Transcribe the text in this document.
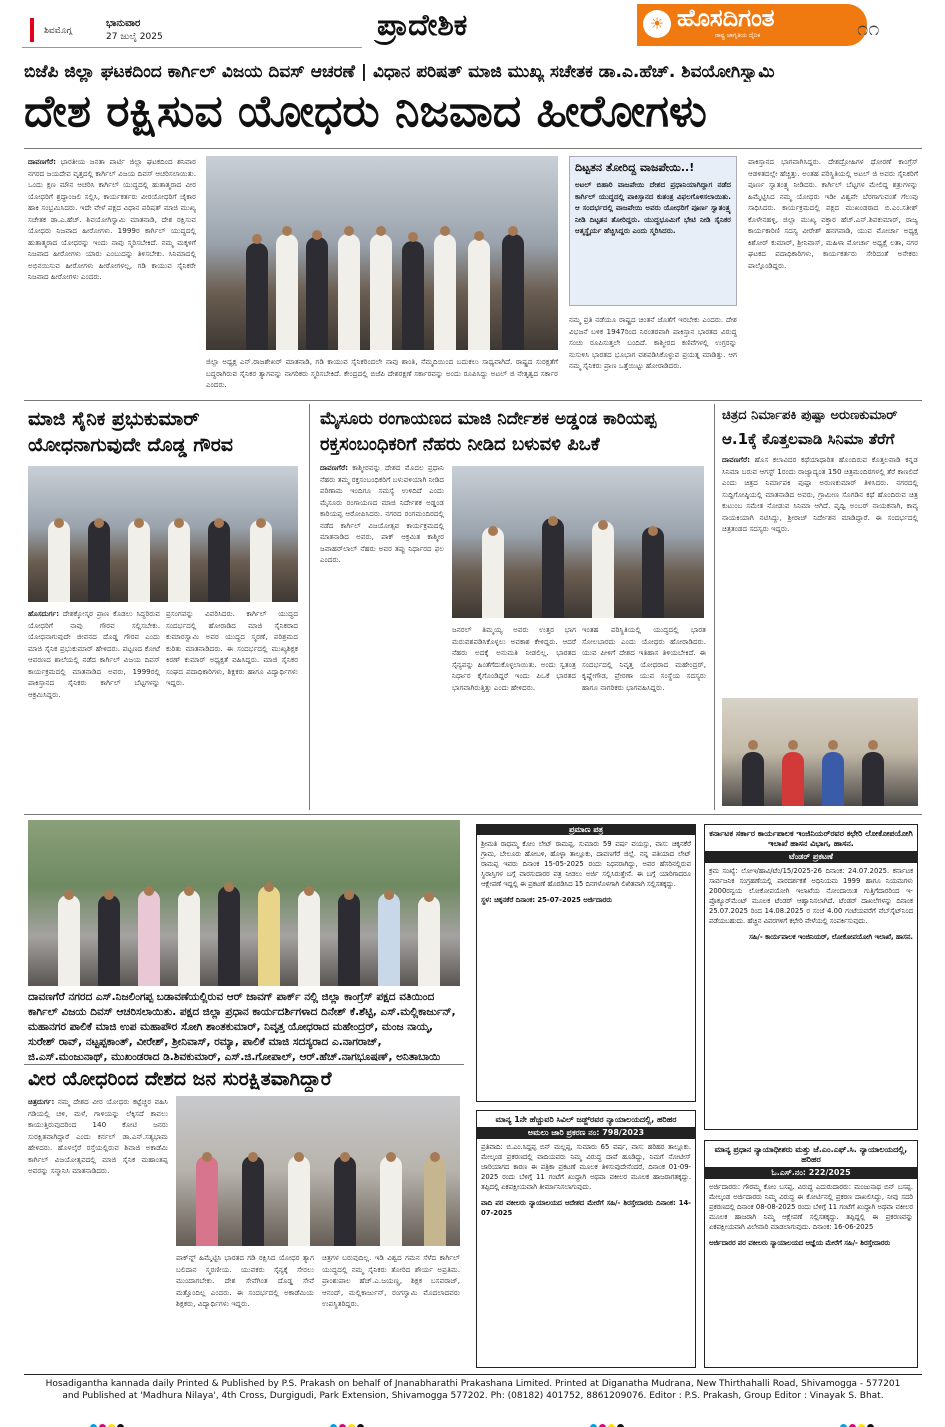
ಶಿವಮೊಗ್ಗ
ಭಾನುವಾರ
27 ಜುಲೈ 2025	ಪ್ರಾದೇಶಿಕ	☀ ಹೊಸದಿಗಂತ
ರಾಷ್ಟ್ರ ಜಾಗೃತಿಯ ದೈನಿಕ	೧೧
ಬಿಜೆಪಿ ಜಿಲ್ಲಾ ಘಟಕದಿಂದ ಕಾರ್ಗಿಲ್ ವಿಜಯ ದಿವಸ್ ಆಚರಣೆ | ವಿಧಾನ ಪರಿಷತ್ ಮಾಜಿ ಮುಖ್ಯ ಸಚೇತಕ ಡಾ.ಎ.ಹೆಚ್. ಶಿವಯೋಗಿಸ್ವಾಮಿ
ದೇಶ ರಕ್ಷಿಸುವ ಯೋಧರು ನಿಜವಾದ ಹೀರೋಗಳು
ದಾವಣಗೆರೆ: ಭಾರತೀಯ ಜನತಾ ಪಾರ್ಟಿ ಜಿಲ್ಲಾ ಘಟಕದಿಂದ ಶನಿವಾರ ನಗರದ ಜಯದೇವ ವೃತ್ತದಲ್ಲಿ ಕಾರ್ಗಿಲ್ ವಿಜಯ ದಿವಸ್ ಆಚರಿಸಲಾಯಿತು. ಒಂದು ಕ್ಷಣ ಮೌನ ಆಚರಿಸಿ ಕಾರ್ಗಿಲ್ ಯುದ್ಧದಲ್ಲಿ ಹುತಾತ್ಮರಾದ ವೀರ ಯೋಧರಿಗೆ ಶ್ರದ್ಧಾಂಜಲಿ ಸಲ್ಲಿಸಿ, ಕಾರ್ಯಕರ್ತರು ವೀರಯೋಧರಿಗೆ ಜೈಕಾರ ಹಾಕಿ ಸಂಭ್ರಮಿಸಿದರು. ಇದೇ ವೇಳೆ ಪಕ್ಷದ ವಿಧಾನ ಪರಿಷತ್ ಮಾಜಿ ಮುಖ್ಯ ಸಚೇತಕ ಡಾ.ಎ.ಹೆಚ್. ಶಿವಯೋಗಿಸ್ವಾಮಿ ಮಾತನಾಡಿ, ದೇಶ ರಕ್ಷಿಸುವ ಯೋಧರು ನಿಜವಾದ ಹೀರೋಗಳು. 1999ರ ಕಾರ್ಗಿಲ್ ಯುದ್ಧದಲ್ಲಿ ಹುತಾತ್ಮರಾದ ಯೋಧರನ್ನು ಇಂದು ನಾವು ಸ್ಮರಿಸಬೇಕಿದೆ. ನಮ್ಮ ಮಕ್ಕಳಿಗೆ ನಿಜವಾದ ಹೀರೋಗಳು ಯಾರು ಎಂಬುದನ್ನು ತಿಳಿಸಬೇಕು. ಸಿನಿಮಾದಲ್ಲಿ ಅಭಿನಯಿಸುವ ಹೀರೋಗಳು ಹೀರೋಗಳಲ್ಲ, ಗಡಿ ಕಾಯುವ ಸೈನಿಕರೇ ನಿಜವಾದ ಹೀರೋಗಳು ಎಂದರು.
ಜಿಲ್ಲಾ ಅಧ್ಯಕ್ಷ ಎನ್.ರಾಜಶೇಖರ್ ಮಾತನಾಡಿ, ಗಡಿ ಕಾಯುವ ಸೈನಿಕರಿಂದಲೇ ನಾವು ಶಾಂತಿ, ನೆಮ್ಮದಿಯಿಂದ ಬದುಕಲು ಸಾಧ್ಯವಾಗಿದೆ. ರಾಷ್ಟ್ರದ ಸುರಕ್ಷತೆಗೆ ಬದ್ಧರಾಗಿರುವ ಸೈನಿಕರ ತ್ಯಾಗವನ್ನು ನಾಗರಿಕರು ಸ್ಮರಿಸಬೇಕಿದೆ. ಕೇಂದ್ರದಲ್ಲಿ ಬಿಜೆಪಿ ದೇಶರಕ್ಷಣೆ ಸರ್ಕಾರವನ್ನು ಅಂದು ರೂಪಿಸಿದ್ದು ಅಟಲ್ ಜಿ ನೇತೃತ್ವದ ಸರ್ಕಾರ ಎಂದರು.
ದಿಟ್ಟತನ ತೋರಿದ್ದ ವಾಜಪೇಯಿ..!
ಅಟಲ್ ಬಿಹಾರಿ ವಾಜಪೇಯಿ ದೇಶದ ಪ್ರಧಾನಿಯಾಗಿದ್ದಾಗ ನಡೆದ ಕಾರ್ಗಿಲ್ ಯುದ್ಧದಲ್ಲಿ ಪಾಕಿಸ್ತಾನದ ಕುತಂತ್ರ ವಿಫಲಗೊಳಿಸಲಾಯಿತು. ಆ ಸಂದರ್ಭದಲ್ಲಿ ವಾಜಪೇಯಿ ಅವರು ಯೋಧರಿಗೆ ಪೂರ್ಣ ಸ್ವಾತಂತ್ರ್ಯ ನೀಡಿ ದಿಟ್ಟತನ ತೋರಿದ್ದರು. ಯುದ್ಧಭೂಮಿಗೆ ಭೇಟಿ ನೀಡಿ ಸೈನಿಕರ ಆತ್ಮಸ್ಥೈರ್ಯ ಹೆಚ್ಚಿಸಿದ್ದರು ಎಂದು ಸ್ಮರಿಸಿದರು.
ನಮ್ಮ ಪ್ರತಿ ನಡೆಯೂ ರಾಷ್ಟ್ರದ ಚಿಂತನೆ ಜೊತೆಗೆ ಇರಬೇಕು ಎಂದರು. ದೇಶ ವಿಭಜನೆ ಬಳಿಕ 1947ರಿಂದ ನಿರಂತರವಾಗಿ ಪಾಕಿಸ್ತಾನ ಭಾರತದ ವಿರುದ್ಧ ಸಂಚು ರೂಪಿಸುತ್ತಲೇ ಬಂದಿದೆ. ಕಾಶ್ಮೀರದ ಕಣಿವೆಗಳಲ್ಲಿ ಉಗ್ರರನ್ನು ನುಸುಳಿಸಿ ಭಾರತದ ಭೂಭಾಗ ವಶಪಡಿಸಿಕೊಳ್ಳುವ ಪ್ರಯತ್ನ ಮಾಡಿತ್ತು. ಆಗ ನಮ್ಮ ಸೈನಿಕರು ಪ್ರಾಣ ಒತ್ತೆಯಿಟ್ಟು ಹೋರಾಡಿದರು.
ಪಾಕಿಸ್ತಾನದ ಭಾಗವಾಗಿಸಿದ್ದರು. ದೇಶದ್ರೋಹಿಗಳ ಧೋರಣೆ ಕಾಂಗ್ರೆಸ್ ಆಡಳಿತದಲ್ಲೇ ಹೆಚ್ಚಿತ್ತು. ಅಂತಹ ಪರಿಸ್ಥಿತಿಯಲ್ಲಿ ಅಟಲ್ ಜಿ ಅವರು ಸೈನಿಕರಿಗೆ ಪೂರ್ಣ ಸ್ವಾತಂತ್ರ್ಯ ನೀಡಿದರು. ಕಾರ್ಗಿಲ್ ಬೆಟ್ಟಗಳ ಮೇಲಿದ್ದ ಶತ್ರುಗಳನ್ನು ಹಿಮ್ಮೆಟ್ಟಿಸಿದ ನಮ್ಮ ಯೋಧರು ಇಡೀ ವಿಶ್ವವೇ ಬೆರಗಾಗುವಂತೆ ಗೆಲುವು ಸಾಧಿಸಿದರು. ಕಾರ್ಯಕ್ರಮದಲ್ಲಿ ಪಕ್ಷದ ಮುಖಂಡರಾದ ಬಿ.ಎಂ.ಸತೀಶ್ ಕೊಳೇನಹಳ್ಳಿ, ಜಿಲ್ಲಾ ಮುಖ್ಯ ವಕ್ತಾರ ಹೆಚ್.ಎನ್.ಶಿವಕುಮಾರ್, ರಾಜ್ಯ ಕಾರ್ಯಕಾರಿಣಿ ಸದಸ್ಯ ವೀರೇಶ್ ಹನಗವಾಡಿ, ಯುವ ಮೋರ್ಚಾ ಅಧ್ಯಕ್ಷ ಕಿಶೋರ್ ಕುಮಾರ್, ಶ್ರೀನಿವಾಸ್, ಮಹಿಳಾ ಮೋರ್ಚಾ ಅಧ್ಯಕ್ಷೆ ಲತಾ, ನಗರ ಘಟಕದ ಪದಾಧಿಕಾರಿಗಳು, ಕಾರ್ಯಕರ್ತರು ಸೇರಿದಂತೆ ಅನೇಕರು ಪಾಲ್ಗೊಂಡಿದ್ದರು.
ಮಾಜಿ ಸೈನಿಕ ಪ್ರಭುಕುಮಾರ್
ಯೋಧನಾಗುವುದೇ ದೊಡ್ಡ ಗೌರವ
ಹೊಸದುರ್ಗ: ದೇಶಕ್ಕೋಸ್ಕರ ಪ್ರಾಣ ಕೊಡಲು ಸಿದ್ಧರಿರುವ ಯೋಧರಿಗೆ ನಾವು ಗೌರವ ಸಲ್ಲಿಸಬೇಕು. ಯೋಧನಾಗುವುದೇ ಜೀವನದ ದೊಡ್ಡ ಗೌರವ ಎಂದು ಮಾಜಿ ಸೈನಿಕ ಪ್ರಭುಕುಮಾರ್ ಹೇಳಿದರು. ಪಟ್ಟಣದ ಕೋಟೆ ಆವರಣದ ಶಾಲೆಯಲ್ಲಿ ನಡೆದ ಕಾರ್ಗಿಲ್ ವಿಜಯ ದಿವಸ್ ಕಾರ್ಯಕ್ರಮದಲ್ಲಿ ಮಾತನಾಡಿದ ಅವರು, 1999ರಲ್ಲಿ ಪಾಕಿಸ್ತಾನದ ಸೈನಿಕರು ಕಾರ್ಗಿಲ್ ಬೆಟ್ಟಗಳನ್ನು ಆಕ್ರಮಿಸಿದ್ದರು.
ಪ್ರಸಂಗವನ್ನು ವಿವರಿಸಿದರು. ಕಾರ್ಗಿಲ್ ಯುದ್ಧದ ಸಂದರ್ಭದಲ್ಲಿ ಹೋರಾಡಿದ ಮಾಜಿ ಸೈನಿಕರಾದ ಕುಮಾರಸ್ವಾಮಿ ಅವರ ಯುದ್ಧದ ಸ್ಮರಣೆ, ಪರಿಶ್ರಮದ ಕುರಿತು ಮಾತನಾಡಿದರು. ಈ ಸಂದರ್ಭದಲ್ಲಿ ಮುಖ್ಯಶಿಕ್ಷಕ ಕಿರಣ್ ಕುಮಾರ್ ಅಧ್ಯಕ್ಷತೆ ವಹಿಸಿದ್ದರು. ಮಾಜಿ ಸೈನಿಕರ ಸಂಘದ ಪದಾಧಿಕಾರಿಗಳು, ಶಿಕ್ಷಕರು ಹಾಗೂ ವಿದ್ಯಾರ್ಥಿಗಳು ಇದ್ದರು.
ಮೈಸೂರು ರಂಗಾಯಣದ ಮಾಜಿ ನಿರ್ದೇಶಕ ಅಡ್ಡಂಡ ಕಾರಿಯಪ್ಪ
ರಕ್ತಸಂಬಂಧಿಕರಿಗೆ ನೆಹರು ನೀಡಿದ ಬಳುವಳಿ ಪಿಒಕೆ
ದಾವಣಗೆರೆ: ಕಾಶ್ಮೀರವನ್ನು ದೇಶದ ಮೊದಲ ಪ್ರಧಾನಿ ನೆಹರು ತಮ್ಮ ರಕ್ತಸಂಬಂಧಿಕರಿಗೆ ಬಳುವಳಿಯಾಗಿ ನೀಡಿದ ಪರಿಣಾಮ ಇಂದಿಗೂ ಸಮಸ್ಯೆ ಉಳಿದಿದೆ ಎಂದು ಮೈಸೂರು ರಂಗಾಯಣದ ಮಾಜಿ ನಿರ್ದೇಶಕ ಅಡ್ಡಂಡ ಕಾರಿಯಪ್ಪ ಆರೋಪಿಸಿದರು. ನಗರದ ರಂಗಮಂದಿರದಲ್ಲಿ ನಡೆದ ಕಾರ್ಗಿಲ್ ವಿಜಯೋತ್ಸವ ಕಾರ್ಯಕ್ರಮದಲ್ಲಿ ಮಾತನಾಡಿದ ಅವರು, ಪಾಕ್ ಆಕ್ರಮಿತ ಕಾಶ್ಮೀರ ಜವಾಹರ್‌ಲಾಲ್ ನೆಹರು ಅವರ ತಪ್ಪು ನಿರ್ಧಾರದ ಫಲ ಎಂದರು.
ಜನರಲ್ ತಿಮ್ಮಯ್ಯ ಅವರು ಉತ್ತರ ಭಾಗ ಮರುವಶಪಡಿಸಿಕೊಳ್ಳಲು ಅವಕಾಶ ಕೇಳಿದ್ದರು. ಆದರೆ ನೆಹರು ಅದಕ್ಕೆ ಅನುಮತಿ ನೀಡಲಿಲ್ಲ. ಭಾರತದ ಸೈನ್ಯವನ್ನು ಹಿಂತೆಗೆದುಕೊಳ್ಳಲಾಯಿತು. ಅಂದು ಸ್ವತಂತ್ರ ನಿರ್ಧಾರ ಕೈಗೊಂಡಿದ್ದರೆ ಇಂದು ಪಿಒಕೆ ಭಾರತದ ಭಾಗವಾಗಿರುತ್ತಿತ್ತು ಎಂದು ಹೇಳಿದರು.
ಇಂತಹ ಪರಿಸ್ಥಿತಿಯಲ್ಲಿ ಯುದ್ಧದಲ್ಲಿ ಭಾರತ ಸೋಲಬಾರದು ಎಂದು ಯೋಧರು ಹೋರಾಡಿದರು. ಯುವ ಪೀಳಿಗೆ ದೇಶದ ಇತಿಹಾಸ ತಿಳಿಯಬೇಕಿದೆ. ಈ ಸಂದರ್ಭದಲ್ಲಿ ನಿವೃತ್ತ ಯೋಧರಾದ ಮಹೇಂದ್ರರ್, ಕೃಷ್ಣೇಗೌಡ, ಪ್ರೇರಣಾ ಯುವ ಸಂಸ್ಥೆಯ ಸದಸ್ಯರು ಹಾಗೂ ನಾಗರಿಕರು ಭಾಗವಹಿಸಿದ್ದರು.
ಚಿತ್ರದ ನಿರ್ಮಾಪಕಿ ಪುಷ್ಪಾ ಅರುಣಕುಮಾರ್
ಆ.1ಕ್ಕೆ ಕೊತ್ತಲವಾಡಿ ಸಿನಿಮಾ ತೆರೆಗೆ
ದಾವಣಗೆರೆ: ಹೊಸ ಕಲಾವಿದರ ಕಥೆಯಾಧಾರಿತ ಹೊಂದಿರುವ ಕೊತ್ತಲವಾಡಿ ಕನ್ನಡ ಸಿನಿಮಾ ಬರುವ ಆಗಸ್ಟ್ 1ರಂದು ರಾಜ್ಯಾದ್ಯಂತ 150 ಚಿತ್ರಮಂದಿರಗಳಲ್ಲಿ ತೆರೆ ಕಾಣಲಿದೆ ಎಂದು ಚಿತ್ರದ ನಿರ್ಮಾಪಕಿ ಪುಷ್ಪಾ ಅರುಣಕುಮಾರ್ ತಿಳಿಸಿದರು. ನಗರದಲ್ಲಿ ಸುದ್ದಿಗೋಷ್ಠಿಯಲ್ಲಿ ಮಾತನಾಡಿದ ಅವರು, ಗ್ರಾಮೀಣ ಸೊಗಡಿನ ಕಥೆ ಹೊಂದಿರುವ ಚಿತ್ರ ಕುಟುಂಬ ಸಮೇತ ನೋಡುವ ಸಿನಿಮಾ ಆಗಿದೆ. ಪೃಥ್ವಿ ಅಂಬರ್ ನಾಯಕನಾಗಿ, ಕಾವ್ಯ ನಾಯಕಿಯಾಗಿ ನಟಿಸಿದ್ದು, ಶ್ರೀರಾಜ್ ನಿರ್ದೇಶನ ಮಾಡಿದ್ದಾರೆ. ಈ ಸಂದರ್ಭದಲ್ಲಿ ಚಿತ್ರತಂಡದ ಸದಸ್ಯರು ಇದ್ದರು.
ದಾವಣಗೆರೆ ನಗರದ ಎಸ್.ನಿಜಲಿಂಗಪ್ಪ ಬಡಾವಣೆಯಲ್ಲಿರುವ ಆರ್ ಜಾವಗ್ ಪಾರ್ಕ್ ನಲ್ಲಿ ಜಿಲ್ಲಾ ಕಾಂಗ್ರೆಸ್ ಪಕ್ಷದ ವತಿಯಿಂದ ಕಾರ್ಗಿಲ್ ವಿಜಯ ದಿವಸ್ ಆಚರಿಸಲಾಯಿತು. ಪಕ್ಷದ ಜಿಲ್ಲಾ ಪ್ರಧಾನ ಕಾರ್ಯದರ್ಶಿಗಳಾದ ದಿನೇಶ್ ಕೆ.ಶೆಟ್ಟಿ, ಎಸ್.ಮಲ್ಲಿಕಾರ್ಜುನ್, ಮಹಾನಗರ ಪಾಲಿಕೆ ಮಾಜಿ ಉಪ ಮಹಾಪೌರ ಸೋಗಿ ಶಾಂತಕುಮಾರ್, ನಿವೃತ್ತ ಯೋಧರಾದ ಮಹೇಂದ್ರರ್, ಮಂಜ ನಾಯ್ಕ, ಸುರೇಶ್ ರಾವ್, ನಟ್ಟಪ್ಪಕಾಂತ್, ವೀರೇಶ್, ಶ್ರೀನಿವಾಸ್, ರಮ್ಯಾ, ಪಾಲಿಕೆ ಮಾಜಿ ಸದಸ್ಯರಾದ ಎ.ನಾಗರಾಜ್, ಜಿ.ಎಸ್.ಮಂಜುನಾಥ್, ಮುಖಂಡರಾದ ಡಿ.ಶಿವಕುಮಾರ್, ಎಸ್.ಜಿ.ಗೋಪಾಲ್, ಆರ್.ಹೆಚ್.ನಾಗಭೂಷಣ್, ಅನಿತಾಬಾಯಿ
ವೀರ ಯೋಧರಿಂದ ದೇಶದ ಜನ ಸುರಕ್ಷಿತವಾಗಿದ್ದಾರೆ
ಚಿತ್ರದುರ್ಗ: ನಮ್ಮ ದೇಶದ ವೀರ ಯೋಧರು ಕಟ್ಟೆಚ್ಚರ ವಹಿಸಿ ಗಡಿಯಲ್ಲಿ ಚಳಿ, ಮಳೆ, ಗಾಳಿಯನ್ನು ಲೆಕ್ಕಿಸದೆ ಕಾವಲು ಕಾಯುತ್ತಿರುವುದರಿಂದ 140 ಕೋಟಿ ಜನರು ಸುರಕ್ಷಿತವಾಗಿದ್ದಾರೆ ಎಂದು ಕರ್ನಲ್ ಡಾ.ಎನ್.ಸತ್ಯಭಾಮ ಹೇಳಿದರು. ಹೊಳಲ್ಕೆರೆ ರಸ್ತೆಯಲ್ಲಿರುವ ಶಿವಾಜಿ ಅಕಾಡೆಮಿ ಕಾರ್ಗಿಲ್ ವಿಜಯೋತ್ಸವದಲ್ಲಿ ಮಾಜಿ ಸೈನಿಕ ಮಹಾಂತಪ್ಪ ಅವರನ್ನು ಸನ್ಮಾನಿಸಿ ಮಾತನಾಡಿದರು.
ಪಾಕ್‌ನ್ನ್ ಹಿಮ್ಮೆಟ್ಟಿಸಿ ಭಾರತದ ಗಡಿ ರಕ್ಷಿಸಿದ ಯೋಧರ ತ್ಯಾಗ ಬಲಿದಾನ ಸ್ಮರಣೀಯ. ಯುವಕರು ಸೈನ್ಯಕ್ಕೆ ಸೇರಲು ಮುಂದಾಗಬೇಕು. ದೇಶ ಸೇವೆಗಿಂತ ದೊಡ್ಡ ಸೇವೆ ಮತ್ತೊಂದಿಲ್ಲ ಎಂದರು. ಈ ಸಂದರ್ಭದಲ್ಲಿ ಅಕಾಡೆಮಿಯ ಶಿಕ್ಷಕರು, ವಿದ್ಯಾರ್ಥಿಗಳು ಇದ್ದರು.
ಚಿತ್ರಗಳ ಬರುವುದಿಲ್ಲ. ಇಡಿ ವಿಶ್ವದ ಗಮನ ಸೆಳೆದ ಕಾರ್ಗಿಲ್ ಯುದ್ಧದಲ್ಲಿ ನಮ್ಮ ಸೈನಿಕರು ತೋರಿದ ಶೌರ್ಯ ಅಪ್ರತಿಮ. ಪ್ರಾಂಶುಪಾಲ ಹೆಚ್.ಎ.ಜಯಣ್ಣ, ಶಿಕ್ಷಕ ಬಸವರಾಜ್, ಆನಂದ್, ಮಲ್ಲಿಕಾರ್ಜುನ್, ರಂಗಸ್ವಾಮಿ ಮೊದಲಾದವರು ಉಪಸ್ಥಿತರಿದ್ದರು.
ಪ್ರಮಾಣ ಪತ್ರ
ಶ್ರೀಮತಿ ರಾಧಮ್ಮ ಕೋಂ ಲೇಟ್ ರಾಮಪ್ಪ, ಸುಮಾರು 59 ವರ್ಷ ವಯಸ್ಸು, ವಾಸ: ಚಿಕ್ಕನಕೆರೆ ಗ್ರಾಮ, ಬೇಲೂರು ಹೋಬಳಿ, ಹೊಳ್ಳಾ ತಾಲ್ಲೂಕು, ದಾವಣಗೆರೆ ಜಿಲ್ಲೆ. ನನ್ನ ಪತಿಯಾದ ಲೇಟ್ ರಾಮಪ್ಪ ಇವರು ದಿನಾಂಕ 15-05-2025 ರಂದು ನಿಧನರಾಗಿದ್ದು, ಅವರ ಹೆಸರಿನಲ್ಲಿರುವ ಸ್ಥಿರಾಸ್ತಿಗಳ ಬಗ್ಗೆ ವಾರಸುದಾರರ ಪತ್ರ ನೀಡಲು ಅರ್ಜಿ ಸಲ್ಲಿಸಿರುತ್ತೇನೆ. ಈ ಬಗ್ಗೆ ಯಾರಿಗಾದರೂ ಆಕ್ಷೇಪಣೆ ಇದ್ದಲ್ಲಿ ಈ ಪ್ರಕಟಣೆ ಹೊರಡಿಸಿದ 15 ದಿನಗಳೊಳಗಾಗಿ ಲಿಖಿತವಾಗಿ ಸಲ್ಲಿಸತಕ್ಕದ್ದು.
ಸ್ಥಳ: ಚಿಕ್ಕನಕೆರೆ ದಿನಾಂಕ: 25-07-2025 ಅರ್ಜಿದಾರರು
ಕರ್ನಾಟಕ ಸರ್ಕಾರ ಕಾರ್ಯಪಾಲಕ ಇಂಜಿನಿಯರ್‌ರವರ ಕಛೇರಿ ಲೋಕೋಪಯೋಗಿ ಇಲಾಖೆ ಹಾಸನ ವಿಭಾಗ, ಹಾಸನ.
ಟೆಂಡರ್ ಪ್ರಕಟಣೆ
ಕ್ರಮ ಸಂಖ್ಯೆ: ಲೋಇ/ಹಾವಿ/ಟೆಂ/15/2025-26 ದಿನಾಂಕ: 24.07.2025. ಕರ್ನಾಟಕ ಸಾರ್ವಜನಿಕ ಸಂಗ್ರಹಣೆಯಲ್ಲಿ ಪಾರದರ್ಶಕತೆ ಅಧಿನಿಯಮ 1999 ಹಾಗೂ ನಿಯಮಗಳು 2000ರನ್ವಯ ಲೋಕೋಪಯೋಗಿ ಇಲಾಖೆಯ ನೋಂದಾಯಿತ ಗುತ್ತಿಗೆದಾರರಿಂದ ಇ-ಪ್ರೊಕ್ಯೂರ್‌ಮೆಂಟ್ ಮೂಲಕ ಟೆಂಡರ್ ಆಹ್ವಾನಿಸಲಾಗಿದೆ. ಟೆಂಡರ್ ದಾಖಲೆಗಳನ್ನು ದಿನಾಂಕ 25.07.2025 ರಿಂದ 14.08.2025 ರ ಸಂಜೆ 4.00 ಗಂಟೆಯವರೆಗೆ ವೆಬ್‌ಸೈಟ್‌ನಿಂದ ಪಡೆಯಬಹುದು. ಹೆಚ್ಚಿನ ವಿವರಗಳಿಗೆ ಕಛೇರಿ ವೇಳೆಯಲ್ಲಿ ಸಂಪರ್ಕಿಸುವುದು.
ಸಹಿ/- ಕಾರ್ಯಪಾಲಕ ಇಂಜಿನಿಯರ್, ಲೋಕೋಪಯೋಗಿ ಇಲಾಖೆ, ಹಾಸನ.
ಮಾನ್ಯ 1ನೇ ಹೆಚ್ಚುವರಿ ಸಿವಿಲ್ ಜಡ್ಜ್‌ರವರ ನ್ಯಾಯಾಲಯದಲ್ಲಿ, ಹರಿಹರ
ಅಮಲು ಜಾರಿ ಪ್ರಕರಣ ನಂ: 798/2023
ಪ್ರತಿವಾದಿ: ಬಿ.ಎಂ.ಸಿದ್ದಪ್ಪ ಬಿನ್ ಮಲ್ಲಪ್ಪ, ಸುಮಾರು 65 ವರ್ಷ, ವಾಸ: ಹರಿಹರ ತಾಲ್ಲೂಕು. ಮೇಲ್ಕಂಡ ಪ್ರಕರಣದಲ್ಲಿ ವಾದಿಯವರು ನಿಮ್ಮ ವಿರುದ್ಧ ದಾವೆ ಹೂಡಿದ್ದು, ನಿಮಗೆ ನೋಟೀಸ್ ಜಾರಿಯಾಗದ ಕಾರಣ ಈ ಪತ್ರಿಕಾ ಪ್ರಕಟಣೆ ಮೂಲಕ ತಿಳಿಸುವುದೇನೆಂದರೆ, ದಿನಾಂಕ 01-09-2025 ರಂದು ಬೆಳಿಗ್ಗೆ 11 ಗಂಟೆಗೆ ಖುದ್ದಾಗಿ ಅಥವಾ ವಕೀಲರ ಮೂಲಕ ಹಾಜರಾಗತಕ್ಕದ್ದು. ತಪ್ಪಿದಲ್ಲಿ ಏಕಪಕ್ಷೀಯವಾಗಿ ತೀರ್ಮಾನಿಸಲಾಗುವುದು.
ವಾದಿ ಪರ ವಕೀಲರು ನ್ಯಾಯಾಲಯದ ಆದೇಶದ ಮೇರೆಗೆ ಸಹಿ/- ಶಿರಸ್ತೇದಾರರು ದಿನಾಂಕ: 14-07-2025
ಮಾನ್ಯ ಪ್ರಧಾನ ನ್ಯಾಯಾಧೀಶರು ಮತ್ತು ಜೆ.ಎಂ.ಎಫ್.ಸಿ. ನ್ಯಾಯಾಲಯದಲ್ಲಿ, ಹರಿಹರ
ಓ.ಎಸ್.ನಂ: 222/2025
ಅರ್ಜಿದಾರರು: ಗೌರಮ್ಮ ಕೋಂ ಬಸಪ್ಪ. ವಿರುದ್ಧ ಎದುರುದಾರರು: ಮಂಜುನಾಥ ಬಿನ್ ಬಸಪ್ಪ. ಮೇಲ್ಕಂಡ ಅರ್ಜಿದಾರರು ನಿಮ್ಮ ವಿರುದ್ಧ ಈ ಕೋರ್ಟಿನಲ್ಲಿ ಪ್ರಕರಣ ದಾಖಲಿಸಿದ್ದು, ನೀವು ಸದರಿ ಪ್ರಕರಣದಲ್ಲಿ ದಿನಾಂಕ 08-08-2025 ರಂದು ಬೆಳಿಗ್ಗೆ 11 ಗಂಟೆಗೆ ಖುದ್ದಾಗಿ ಅಥವಾ ವಕೀಲರ ಮೂಲಕ ಹಾಜರಾಗಿ ನಿಮ್ಮ ಆಕ್ಷೇಪಣೆ ಸಲ್ಲಿಸತಕ್ಕದ್ದು. ತಪ್ಪಿದ್ದಲ್ಲಿ ಈ ಪ್ರಕರಣವನ್ನು ಏಕಪಕ್ಷೀಯವಾಗಿ ವಿಲೇವಾರಿ ಮಾಡಲಾಗುವುದು. ದಿನಾಂಕ: 16-06-2025
ಅರ್ಜಿದಾರರ ಪರ ವಕೀಲರು ನ್ಯಾಯಾಲಯದ ಆಜ್ಞೆಯ ಮೇರೆಗೆ ಸಹಿ/- ಶಿರಸ್ತೇದಾರರು
Hosadigantha kannada daily Printed & Published by P.S. Prakash on behalf of Jnanabharathi Prakashana Limited. Printed at Diganatha Mudrana, New Thirthahalli Road, Shivamogga - 577201
and Published at 'Madhura Nilaya', 4th Cross, Durgigudi, Park Extension, Shivamogga 577202. Ph: (08182) 401752, 8861209076. Editor : P.S. Prakash, Group Editor : Vinayak S. Bhat.
